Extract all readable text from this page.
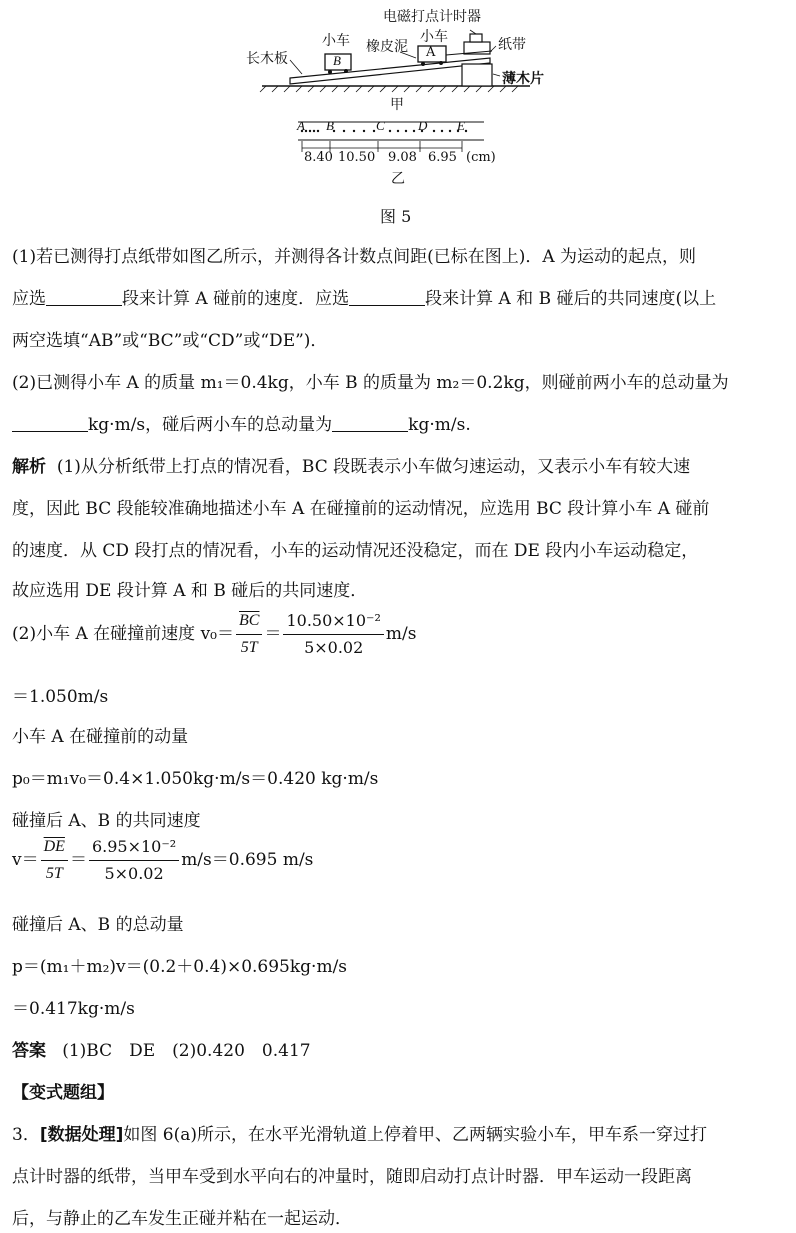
电磁打点计时器
小车 橡皮泥
小车	纸带
长木板
薄木片
B
A
甲
A B	C	D E
8.40 10.50 9.08 6.95 (cm)
乙
图 5
(1)若已测得打点纸带如图乙所示，并测得各计数点间距(已标在图上)．A 为运动的起点，则
应选	段来计算 A 碰前的速度．应选	段来计算 A 和 B 碰后的共同速度(以上
两空选填“AB”或“BC”或“CD”或“DE”)．
(2)已测得小车 A 的质量 m₁＝0.4kg，小车 B 的质量为 m₂＝0.2kg，则碰前两小车的总动量为
kg·m/s，碰后两小车的总动量为	kg·m/s.
解析 (1)从分析纸带上打点的情况看，BC 段既表示小车做匀速运动，又表示小车有较大速
度，因此 BC 段能较准确地描述小车 A 在碰撞前的运动情况，应选用 BC 段计算小车 A 碰前
的速度．从 CD 段打点的情况看，小车的运动情况还没稳定，而在 DE 段内小车运动稳定，
故应选用 DE 段计算 A 和 B 碰后的共同速度．
(2)小车 A 在碰撞前速度 $v_0= \frac{\overline{BC}}{5T} = \frac{\text{10.50×10⁻²}}{5\times 0.02} m/s$
＝1.050m/s
小车 A 在碰撞前的动量
p₀＝m₁v₀＝0.4×1.050kg·m/s＝0.420 kg·m/s
碰撞后 A、B 的共同速度
$v= \frac{\overline{DE}}{5T} = \frac{\text{6.95×10⁻²}}{5\times 0.02} m/s=0.695$ m/s
碰撞后 A、B 的总动量
p＝(m₁＋m₂)v＝(0.2＋0.4)×0.695kg·m/s
＝0.417kg·m/s
答案 (1)BC　DE　(2)0.420　0.417
【变式题组】
3．[数据处理]如图 6(a)所示，在水平光滑轨道上停着甲、乙两辆实验小车，甲车系一穿过打
点计时器的纸带，当甲车受到水平向右的冲量时，随即启动打点计时器．甲车运动一段距离
后，与静止的乙车发生正碰并粘在一起运动．
